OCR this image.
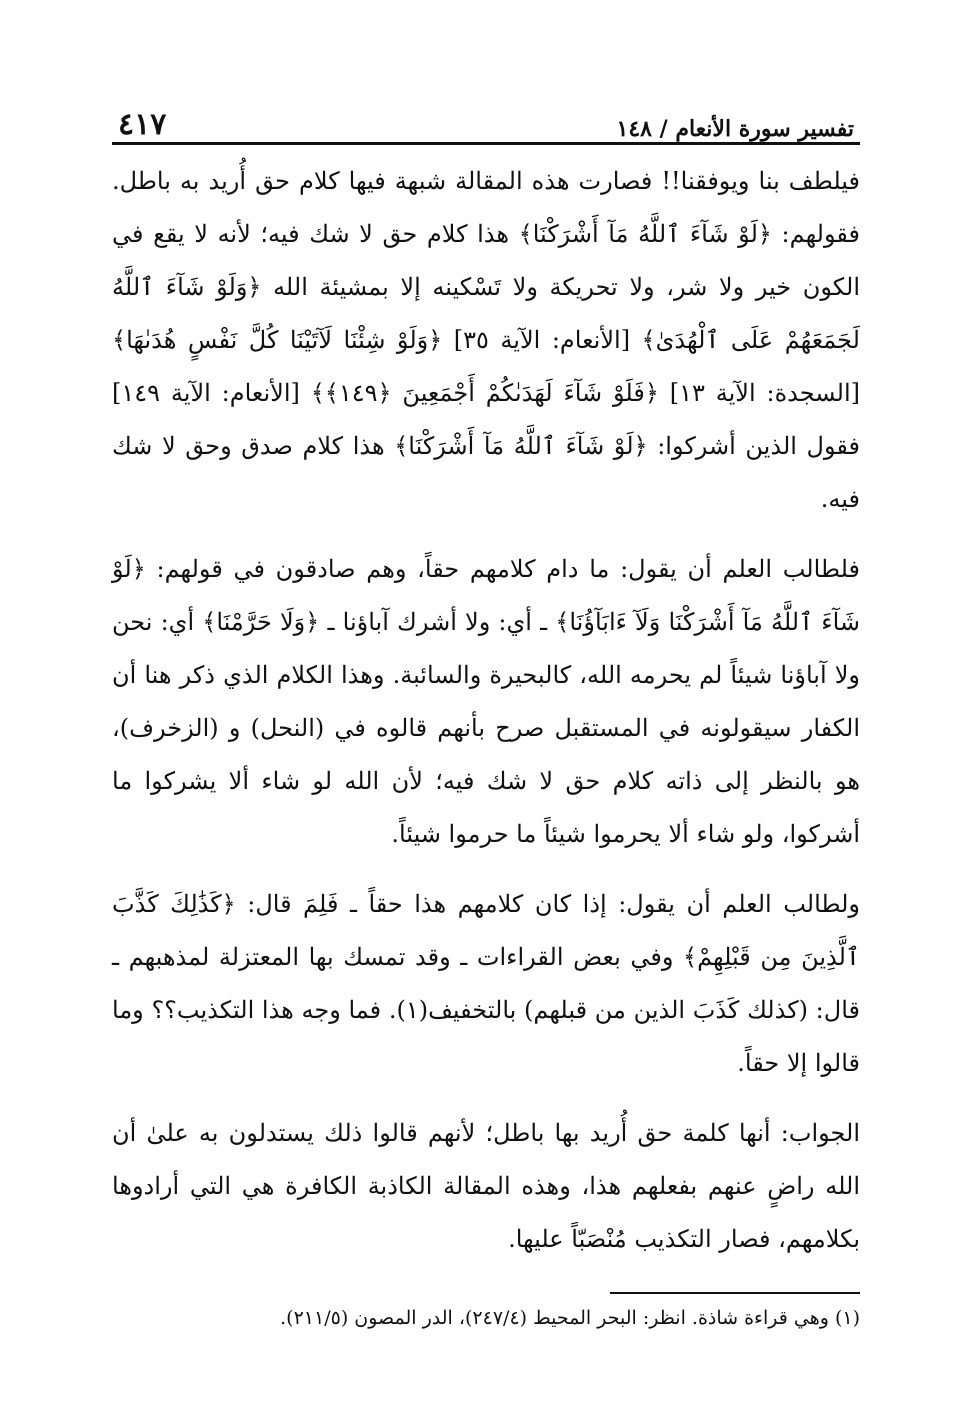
تفسير سورة الأنعام / ١٤٨
٤١٧

فيلطف بنا ويوفقنا!! فصارت هذه المقالة شبهة فيها كلام حق أُريد به باطل. فقولهم: ﴿لَوْ شَآءَ ٱللَّهُ مَآ أَشْرَكْنَا﴾ هذا كلام حق لا شك فيه؛ لأنه لا يقع في الكون خير ولا شر، ولا تحريكة ولا تَسْكينه إلا بمشيئة الله ﴿وَلَوْ شَآءَ ٱللَّهُ لَجَمَعَهُمْ عَلَى ٱلْهُدَىٰ﴾ [الأنعام: الآية ٣٥] ﴿وَلَوْ شِئْنَا لَآتَيْنَا كُلَّ نَفْسٍ هُدَىٰهَا﴾ [السجدة: الآية ١٣] ﴿فَلَوْ شَآءَ لَهَدَىٰكُمْ أَجْمَعِينَ ﴿١٤٩﴾﴾ [الأنعام: الآية ١٤٩] فقول الذين أشركوا: ﴿لَوْ شَآءَ ٱللَّهُ مَآ أَشْرَكْنَا﴾ هذا كلام صدق وحق لا شك فيه.

فلطالب العلم أن يقول: ما دام كلامهم حقاً، وهم صادقون في قولهم: ﴿لَوْ شَآءَ ٱللَّهُ مَآ أَشْرَكْنَا وَلَآ ءَابَآؤُنَا﴾ ـ أي: ولا أشرك آباؤنا ـ ﴿وَلَا حَرَّمْنَا﴾ أي: نحن ولا آباؤنا شيئاً لم يحرمه الله، كالبحيرة والسائبة. وهذا الكلام الذي ذكر هنا أن الكفار سيقولونه في المستقبل صرح بأنهم قالوه في (النحل) و (الزخرف)، هو بالنظر إلى ذاته كلام حق لا شك فيه؛ لأن الله لو شاء ألا يشركوا ما أشركوا، ولو شاء ألا يحرموا شيئاً ما حرموا شيئاً.

ولطالب العلم أن يقول: إذا كان كلامهم هذا حقاً ـ فَلِمَ قال: ﴿كَذَٰلِكَ كَذَّبَ ٱلَّذِينَ مِن قَبْلِهِمْ﴾ وفي بعض القراءات ـ وقد تمسك بها المعتزلة لمذهبهم ـ قال: (كذلك كَذَبَ الذين من قبلهم) بالتخفيف(١). فما وجه هذا التكذيب؟؟ وما قالوا إلا حقاً.

الجواب: أنها كلمة حق أُريد بها باطل؛ لأنهم قالوا ذلك يستدلون به علىٰ أن الله راضٍ عنهم بفعلهم هذا، وهذه المقالة الكاذبة الكافرة هي التي أرادوها بكلامهم، فصار التكذيب مُنْصَبّاً عليها.

(١) وهي قراءة شاذة. انظر: البحر المحيط (٢٤٧/٤)، الدر المصون (٢١١/٥).
